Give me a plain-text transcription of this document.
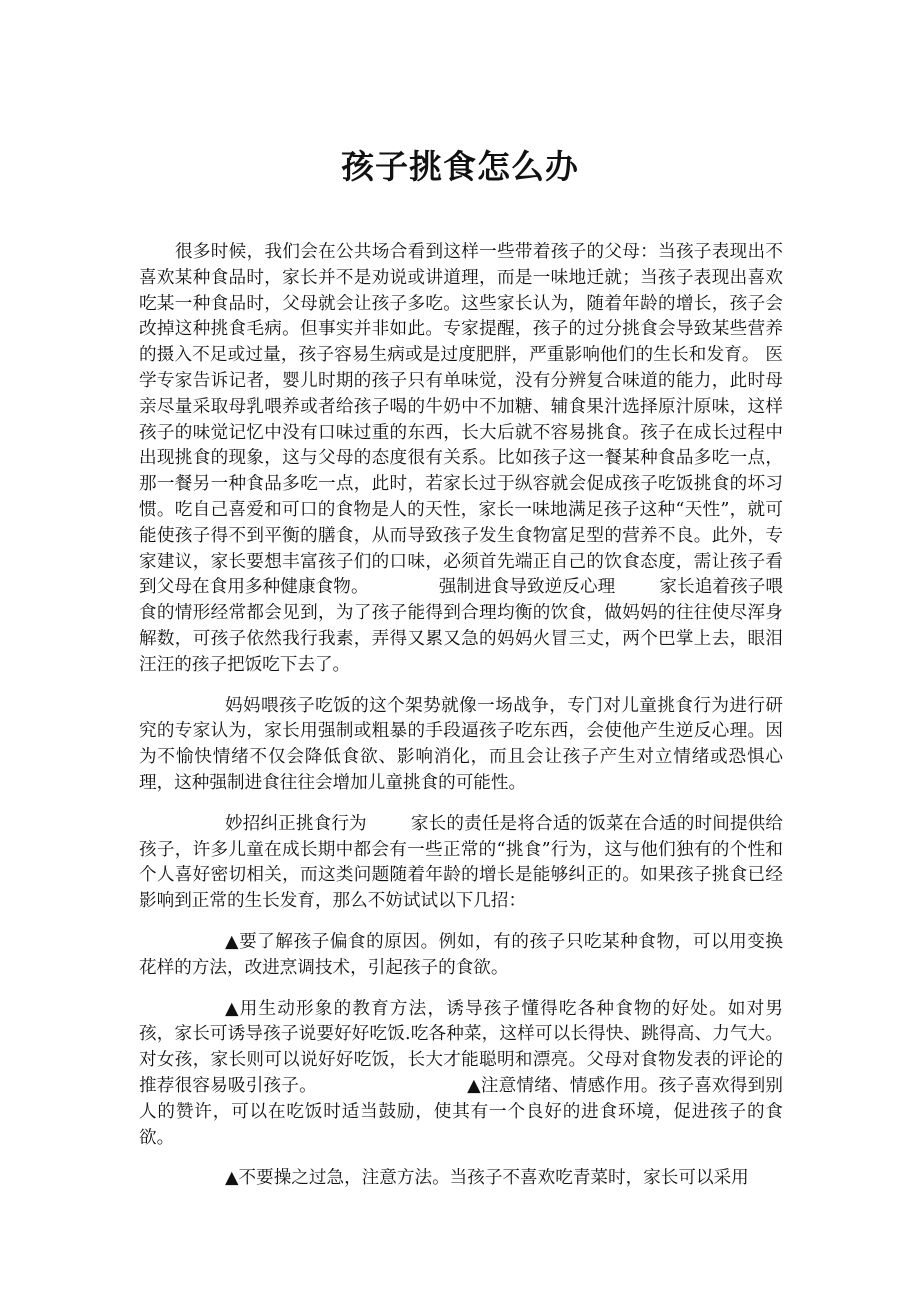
孩子挑食怎么办

很多时候，我们会在公共场合看到这样一些带着孩子的父母：当孩子表现出不喜欢某种食品时，家长并不是劝说或讲道理，而是一味地迁就；当孩子表现出喜欢吃某一种食品时，父母就会让孩子多吃。这些家长认为，随着年龄的增长，孩子会改掉这种挑食毛病。但事实并非如此。专家提醒，孩子的过分挑食会导致某些营养的摄入不足或过量，孩子容易生病或是过度肥胖，严重影响他们的生长和发育。 医学专家告诉记者，婴儿时期的孩子只有单味觉，没有分辨复合味道的能力，此时母亲尽量采取母乳喂养或者给孩子喝的牛奶中不加糖、辅食果汁选择原汁原味，这样孩子的味觉记忆中没有口味过重的东西，长大后就不容易挑食。孩子在成长过程中出现挑食的现象，这与父母的态度很有关系。比如孩子这一餐某种食品多吃一点，那一餐另一种食品多吃一点，此时，若家长过于纵容就会促成孩子吃饭挑食的坏习惯。吃自己喜爱和可口的食物是人的天性，家长一味地满足孩子这种“天性”，就可能使孩子得不到平衡的膳食，从而导致孩子发生食物富足型的营养不良。此外，专家建议，家长要想丰富孩子们的口味，必须首先端正自己的饮食态度，需让孩子看到父母在食用多种健康食物。	强制进食导致逆反心理	家长追着孩子喂食的情形经常都会见到，为了孩子能得到合理均衡的饮食，做妈妈的往往使尽浑身解数，可孩子依然我行我素，弄得又累又急的妈妈火冒三丈，两个巴掌上去，眼泪汪汪的孩子把饭吃下去了。

妈妈喂孩子吃饭的这个架势就像一场战争，专门对儿童挑食行为进行研究的专家认为，家长用强制或粗暴的手段逼孩子吃东西，会使他产生逆反心理。因为不愉快情绪不仅会降低食欲、影响消化，而且会让孩子产生对立情绪或恐惧心理，这种强制进食往往会增加儿童挑食的可能性。

妙招纠正挑食行为	家长的责任是将合适的饭菜在合适的时间提供给孩子，许多儿童在成长期中都会有一些正常的“挑食”行为，这与他们独有的个性和个人喜好密切相关，而这类问题随着年龄的增长是能够纠正的。如果孩子挑食已经影响到正常的生长发育，那么不妨试试以下几招：

▲要了解孩子偏食的原因。例如，有的孩子只吃某种食物，可以用变换花样的方法，改进烹调技术，引起孩子的食欲。

▲用生动形象的教育方法，诱导孩子懂得吃各种食物的好处。如对男孩，家长可诱导孩子说要好好吃饭.吃各种菜，这样可以长得快、跳得高、力气大。对女孩，家长则可以说好好吃饭，长大才能聪明和漂亮。父母对食物发表的评论的推荐很容易吸引孩子。	▲注意情绪、情感作用。孩子喜欢得到别人的赞许，可以在吃饭时适当鼓励，使其有一个良好的进食环境，促进孩子的食欲。

▲不要操之过急，注意方法。当孩子不喜欢吃青菜时，家长可以采用
